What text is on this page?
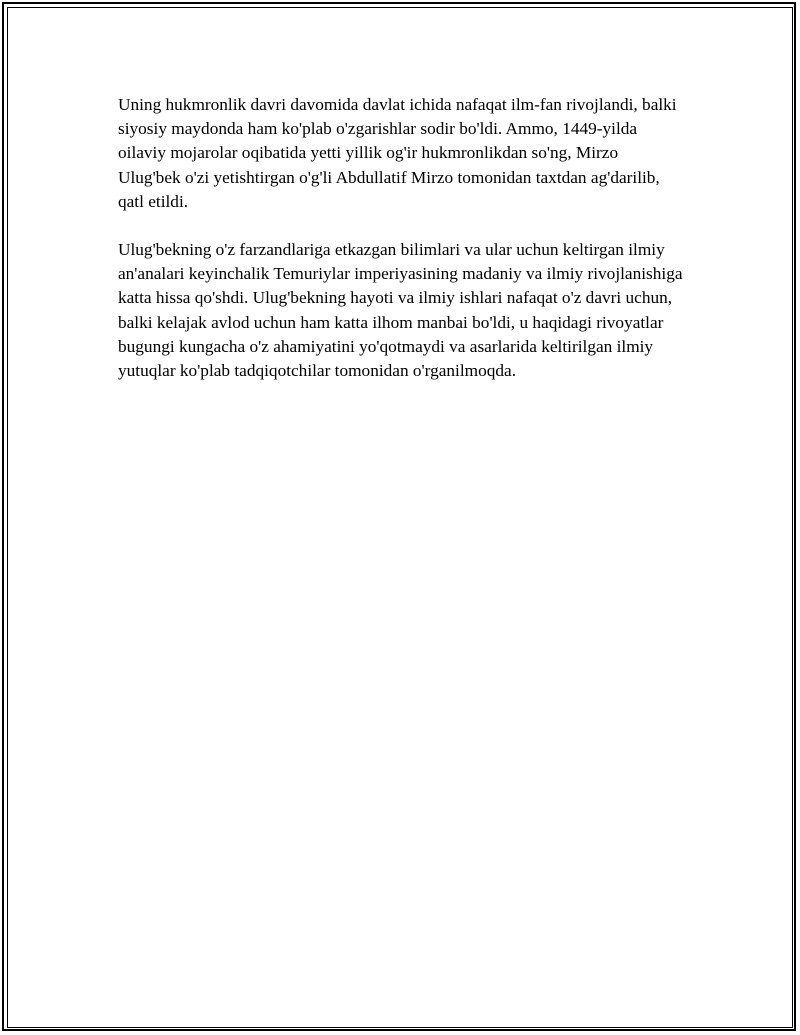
Uning hukmronlik davri davomida davlat ichida nafaqat ilm-fan rivojlandi, balki siyosiy maydonda ham ko'plab o'zgarishlar sodir bo'ldi. Ammo, 1449-yilda oilaviy mojarolar oqibatida yetti yillik og'ir hukmronlikdan so'ng, Mirzo Ulug'bek o'zi yetishtirgan o'g'li Abdullatif Mirzo tomonidan taxtdan ag'darilib, qatl etildi.

Ulug'bekning o'z farzandlariga etkazgan bilimlari va ular uchun keltirgan ilmiy an'analari keyinchalik Temuriylar imperiyasining madaniy va ilmiy rivojlanishiga katta hissa qo'shdi. Ulug'bekning hayoti va ilmiy ishlari nafaqat o'z davri uchun, balki kelajak avlod uchun ham katta ilhom manbai bo'ldi, u haqidagi rivoyatlar bugungi kungacha o'z ahamiyatini yo'qotmaydi va asarlarida keltirilgan ilmiy yutuqlar ko'plab tadqiqotchilar tomonidan o'rganilmoqda.
